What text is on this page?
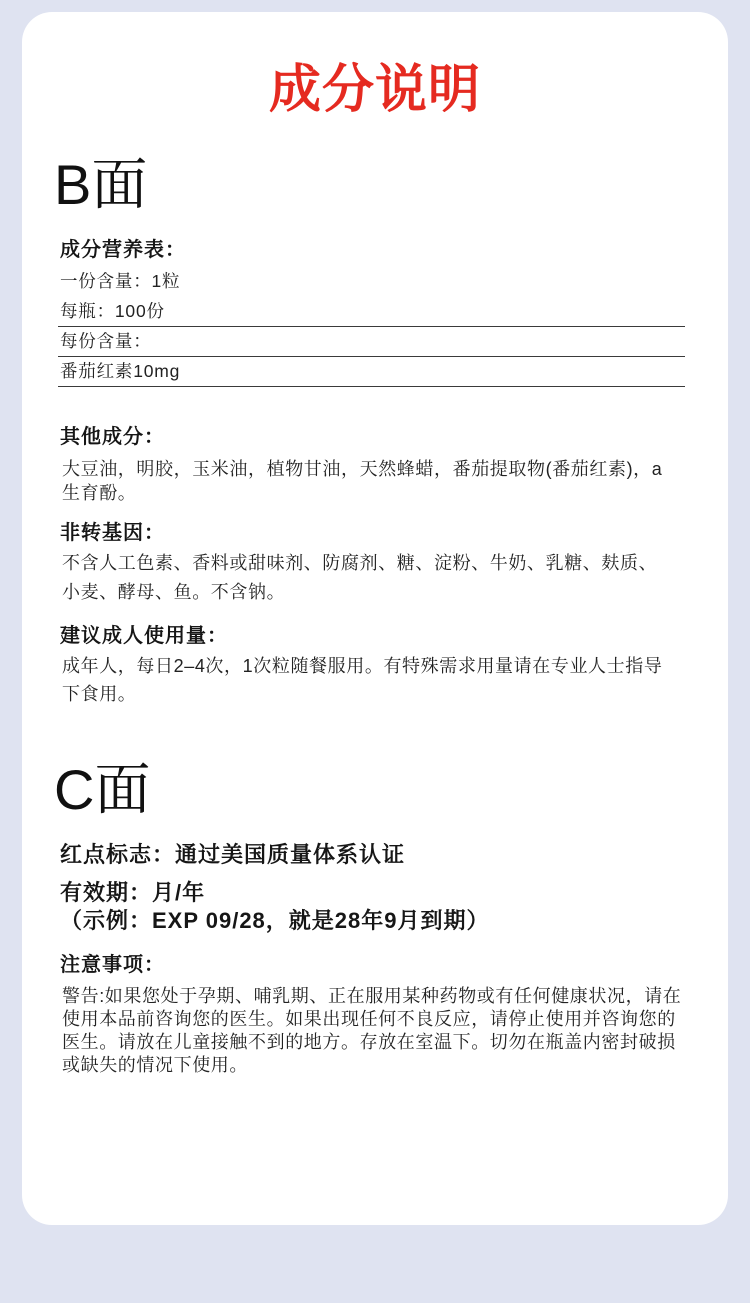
成分说明
B面
成分营养表：
一份含量：1粒
每瓶：100份
每份含量：
番茄红素10mg
其他成分：
大豆油，明胶，玉米油，植物甘油，天然蜂蜡，番茄提取物(番茄红素)，a
生育酚。
非转基因：
不含人工色素、香料或甜味剂、防腐剂、糖、淀粉、牛奶、乳糖、麸质、
小麦、酵母、鱼。不含钠。
建议成人使用量：
成年人，每日2–4次，1次粒随餐服用。有特殊需求用量请在专业人士指导
下食用。
C面
红点标志：通过美国质量体系认证
有效期：月/年
（示例：EXP 09/28，就是28年9月到期）
注意事项：
警告:如果您处于孕期、哺乳期、正在服用某种药物或有任何健康状况，请在
使用本品前咨询您的医生。如果出现任何不良反应，请停止使用并咨询您的
医生。请放在儿童接触不到的地方。存放在室温下。切勿在瓶盖内密封破损
或缺失的情况下使用。
